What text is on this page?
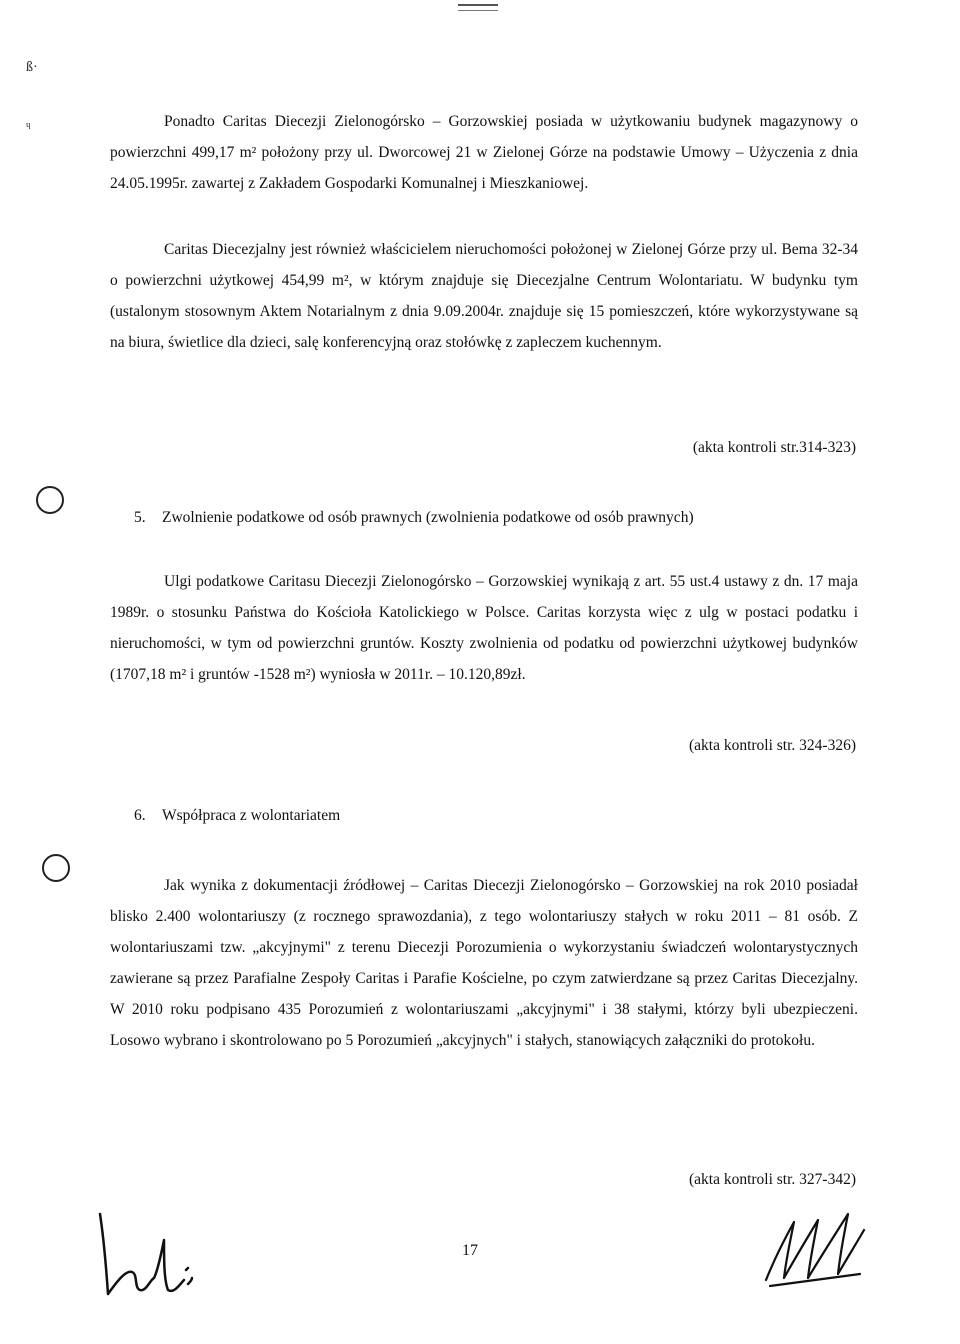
ß·
ᶣ	Ponadto Caritas Diecezji Zielonogórsko – Gorzowskiej posiada w użytkowaniu budynek magazynowy o powierzchni 499,17 m² położony przy ul. Dworcowej 21 w Zielonej Górze na podstawie Umowy – Użyczenia z dnia 24.05.1995r. zawartej z Zakładem Gospodarki Komunalnej i Mieszkaniowej.

Caritas Diecezjalny jest również właścicielem nieruchomości położonej w Zielonej Górze przy ul. Bema 32-34 o powierzchni użytkowej 454,99 m², w którym znajduje się Diecezjalne Centrum Wolontariatu. W budynku tym (ustalonym stosownym Aktem Notarialnym z dnia 9.09.2004r. znajduje się 15 pomieszczeń, które wykorzystywane są na biura, świetlice dla dzieci, salę konferencyjną oraz stołówkę z zapleczem kuchennym.

(akta kontroli str.314-323)

5. Zwolnienie podatkowe od osób prawnych (zwolnienia podatkowe od osób prawnych)

Ulgi podatkowe Caritasu Diecezji Zielonogórsko – Gorzowskiej wynikają z art. 55 ust.4 ustawy z dn. 17 maja 1989r. o stosunku Państwa do Kościoła Katolickiego w Polsce. Caritas korzysta więc z ulg w postaci podatku i nieruchomości, w tym od powierzchni gruntów. Koszty zwolnienia od podatku od powierzchni użytkowej budynków (1707,18 m² i gruntów -1528 m²) wyniosła w 2011r. – 10.120,89zł.

(akta kontroli str. 324-326)

6. Współpraca z wolontariatem

Jak wynika z dokumentacji źródłowej – Caritas Diecezji Zielonogórsko – Gorzowskiej na rok 2010 posiadał blisko 2.400 wolontariuszy (z rocznego sprawozdania), z tego wolontariuszy stałych w roku 2011 – 81 osób. Z wolontariuszami tzw. „akcyjnymi" z terenu Diecezji Porozumienia o wykorzystaniu świadczeń wolontarystycznych zawierane są przez Parafialne Zespoły Caritas i Parafie Kościelne, po czym zatwierdzane są przez Caritas Diecezjalny. W 2010 roku podpisano 435 Porozumień z wolontariuszami „akcyjnymi" i 38 stałymi, którzy byli ubezpieczeni. Losowo wybrano i skontrolowano po 5 Porozumień „akcyjnych" i stałych, stanowiących załączniki do protokołu.

(akta kontroli str. 327-342)

17
